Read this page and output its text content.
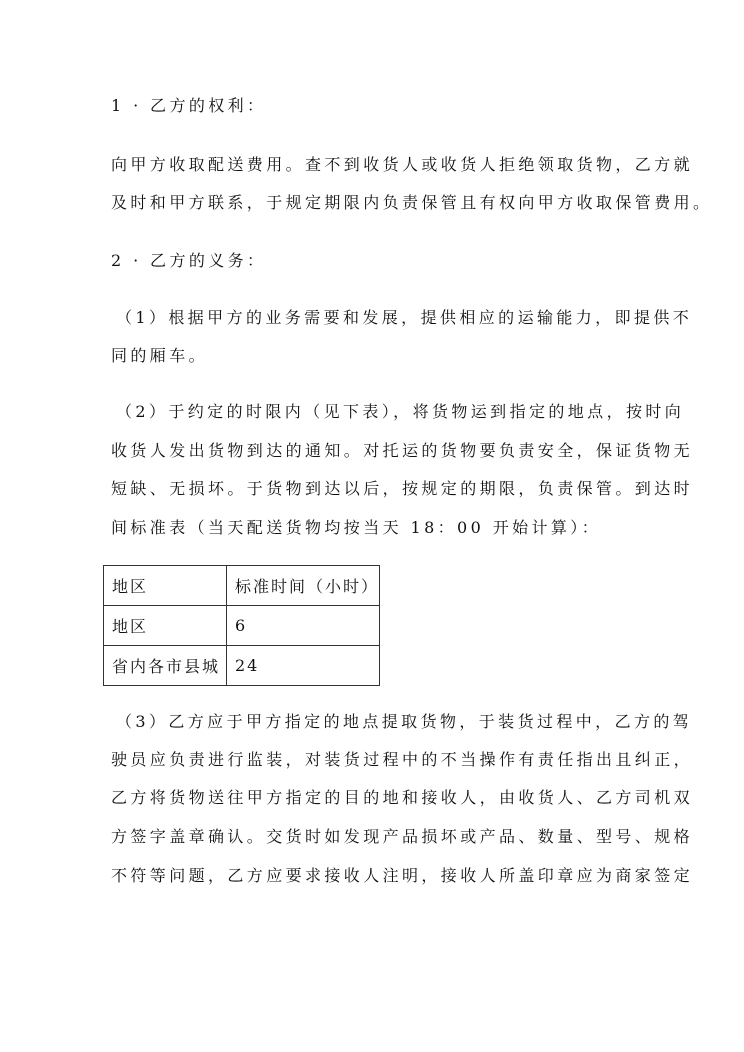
1 · 乙方的权利：
向甲方收取配送费用。查不到收货人或收货人拒绝领取货物，乙方就
及时和甲方联系，于规定期限内负责保管且有权向甲方收取保管费用。
2 · 乙方的义务：
（1）根据甲方的业务需要和发展，提供相应的运输能力，即提供不
同的厢车。
（2）于约定的时限内（见下表），将货物运到指定的地点，按时向
收货人发出货物到达的通知。对托运的货物要负责安全，保证货物无
短缺、无损坏。于货物到达以后，按规定的期限，负责保管。到达时
间标准表（当天配送货物均按当天 18：00 开始计算）：
地区	标准时间（小时）
地区	6
省内各市县城	24
（3）乙方应于甲方指定的地点提取货物，于装货过程中，乙方的驾
驶员应负责进行监装，对装货过程中的不当操作有责任指出且纠正，
乙方将货物送往甲方指定的目的地和接收人，由收货人、乙方司机双
方签字盖章确认。交货时如发现产品损坏或产品、数量、型号、规格
不符等问题，乙方应要求接收人注明，接收人所盖印章应为商家签定
